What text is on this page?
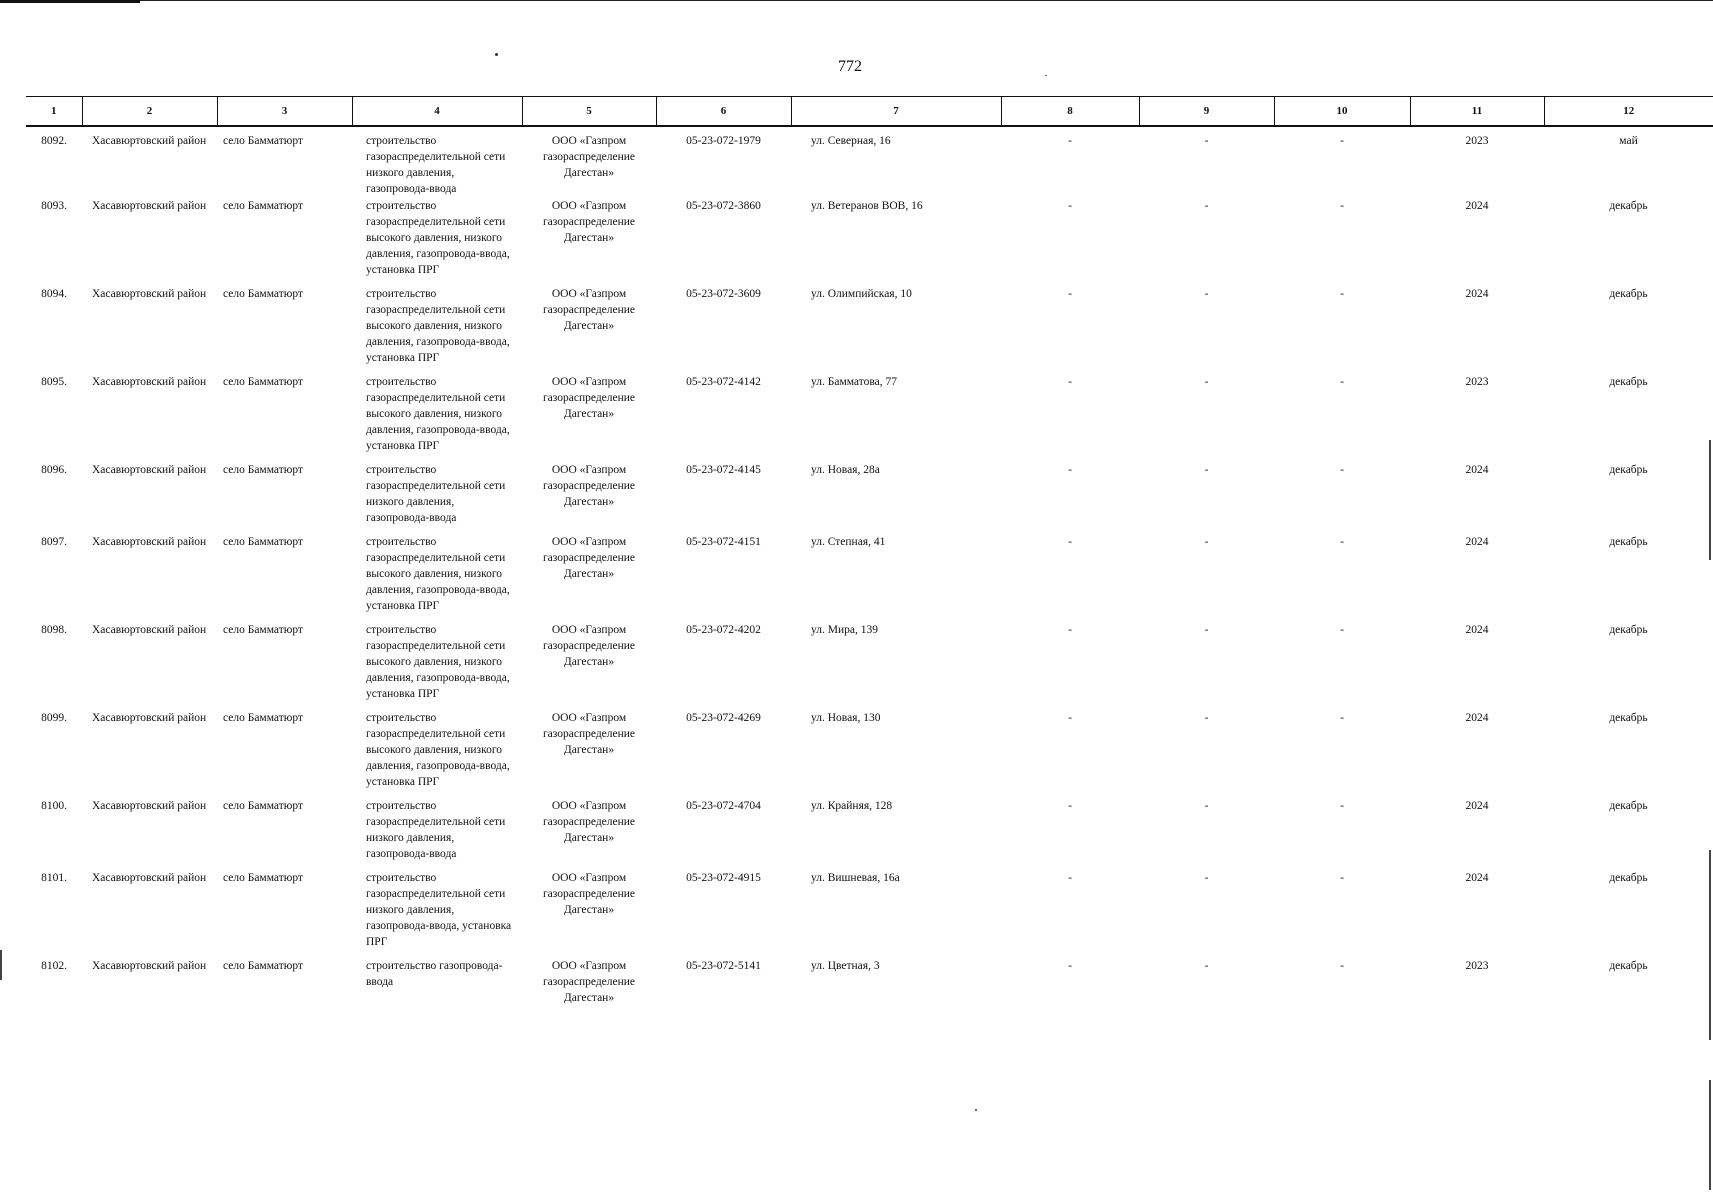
772
1	2	3	4	5	6	7	8	9	10	11	12
8092.	Хасавюртовский район	село Бамматюрт	строительство газораспределительной сети низкого давления, газопровода-ввода	ООО «Газпром газораспределение Дагестан»	05-23-072-1979	ул. Северная, 16	-	-	-	2023	май
8093.	Хасавюртовский район	село Бамматюрт	строительство газораспределительной сети высокого давления, низкого давления, газопровода-ввода, установка ПРГ	ООО «Газпром газораспределение Дагестан»	05-23-072-3860	ул. Ветеранов ВОВ, 16	-	-	-	2024	декабрь
8094.	Хасавюртовский район	село Бамматюрт	строительство газораспределительной сети высокого давления, низкого давления, газопровода-ввода, установка ПРГ	ООО «Газпром газораспределение Дагестан»	05-23-072-3609	ул. Олимпийская, 10	-	-	-	2024	декабрь
8095.	Хасавюртовский район	село Бамматюрт	строительство газораспределительной сети высокого давления, низкого давления, газопровода-ввода, установка ПРГ	ООО «Газпром газораспределение Дагестан»	05-23-072-4142	ул. Бамматова, 77	-	-	-	2023	декабрь
8096.	Хасавюртовский район	село Бамматюрт	строительство газораспределительной сети низкого давления, газопровода-ввода	ООО «Газпром газораспределение Дагестан»	05-23-072-4145	ул. Новая, 28а	-	-	-	2024	декабрь
8097.	Хасавюртовский район	село Бамматюрт	строительство газораспределительной сети высокого давления, низкого давления, газопровода-ввода, установка ПРГ	ООО «Газпром газораспределение Дагестан»	05-23-072-4151	ул. Степная, 41	-	-	-	2024	декабрь
8098.	Хасавюртовский район	село Бамматюрт	строительство газораспределительной сети высокого давления, низкого давления, газопровода-ввода, установка ПРГ	ООО «Газпром газораспределение Дагестан»	05-23-072-4202	ул. Мира, 139	-	-	-	2024	декабрь
8099.	Хасавюртовский район	село Бамматюрт	строительство газораспределительной сети высокого давления, низкого давления, газопровода-ввода, установка ПРГ	ООО «Газпром газораспределение Дагестан»	05-23-072-4269	ул. Новая, 130	-	-	-	2024	декабрь
8100.	Хасавюртовский район	село Бамматюрт	строительство газораспределительной сети низкого давления, газопровода-ввода	ООО «Газпром газораспределение Дагестан»	05-23-072-4704	ул. Крайняя, 128	-	-	-	2024	декабрь
8101.	Хасавюртовский район	село Бамматюрт	строительство газораспределительной сети низкого давления, газопровода-ввода, установка ПРГ	ООО «Газпром газораспределение Дагестан»	05-23-072-4915	ул. Вишневая, 16а	-	-	-	2024	декабрь
8102.	Хасавюртовский район	село Бамматюрт	строительство газопровода-ввода	ООО «Газпром газораспределение Дагестан»	05-23-072-5141	ул. Цветная, 3	-	-	-	2023	декабрь
